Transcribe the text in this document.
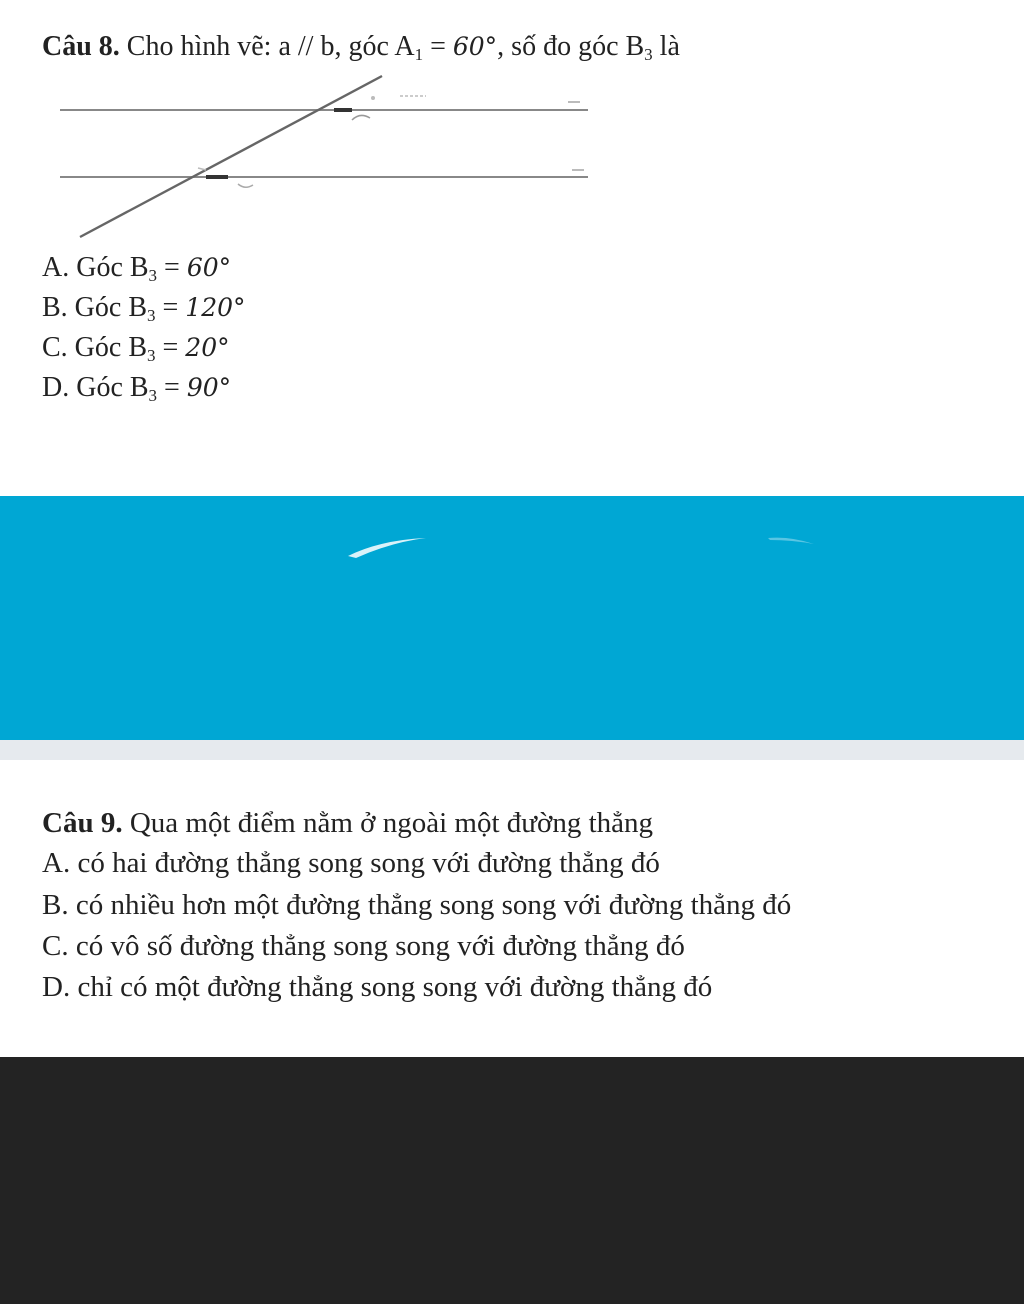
Câu 8. Cho hình vẽ: a // b, góc $A_1 = 60^\circ$, số đo góc $B_3$ là
A. Góc $B_3 = 60^\circ$
B. Góc $B_3 = 120^\circ$
C. Góc $B_3 = 20^\circ$
D. Góc $B_3 = 90^\circ$
Câu 9. Qua một điểm nằm ở ngoài một đường thẳng
A. có hai đường thẳng song song với đường thẳng đó
B. có nhiều hơn một đường thẳng song song với đường thẳng đó
C. có vô số đường thẳng song song với đường thẳng đó
D. chỉ có một đường thẳng song song với đường thẳng đó
